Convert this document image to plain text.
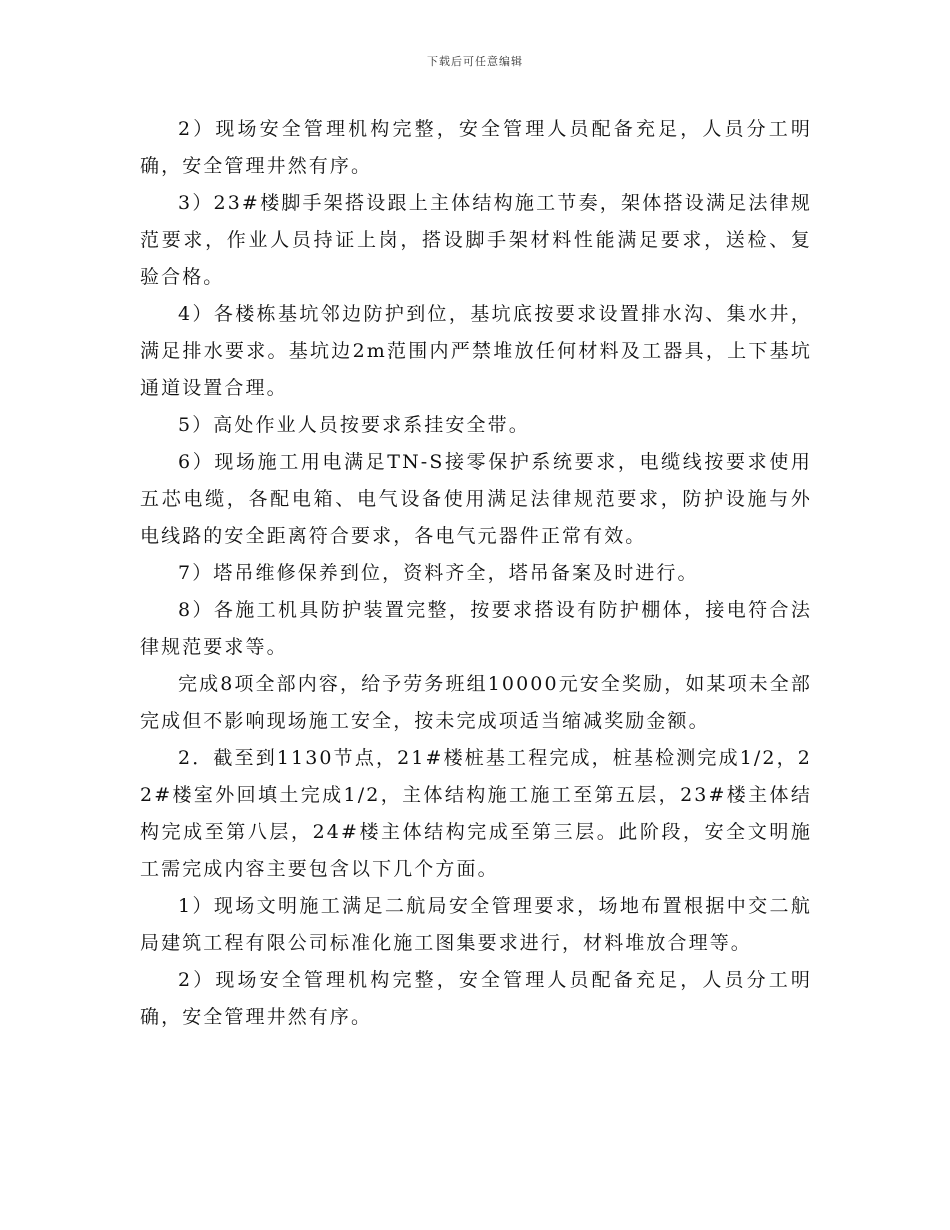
下载后可任意编辑

2）现场安全管理机构完整，安全管理人员配备充足，人员分工明确，安全管理井然有序。

3）23#楼脚手架搭设跟上主体结构施工节奏，架体搭设满足法律规范要求，作业人员持证上岗，搭设脚手架材料性能满足要求，送检、复验合格。

4）各楼栋基坑邻边防护到位，基坑底按要求设置排水沟、集水井，满足排水要求。基坑边2m范围内严禁堆放任何材料及工器具，上下基坑通道设置合理。

5）高处作业人员按要求系挂安全带。

6）现场施工用电满足TN-S接零保护系统要求，电缆线按要求使用五芯电缆，各配电箱、电气设备使用满足法律规范要求，防护设施与外电线路的安全距离符合要求，各电气元器件正常有效。

7）塔吊维修保养到位，资料齐全，塔吊备案及时进行。

8）各施工机具防护装置完整，按要求搭设有防护棚体，接电符合法律规范要求等。

完成8项全部内容，给予劳务班组10000元安全奖励，如某项未全部完成但不影响现场施工安全，按未完成项适当缩减奖励金额。

2．截至到1130节点，21#楼桩基工程完成，桩基检测完成1/2，22#楼室外回填土完成1/2，主体结构施工施工至第五层，23#楼主体结构完成至第八层，24#楼主体结构完成至第三层。此阶段，安全文明施工需完成内容主要包含以下几个方面。

1）现场文明施工满足二航局安全管理要求，场地布置根据中交二航局建筑工程有限公司标准化施工图集要求进行，材料堆放合理等。

2）现场安全管理机构完整，安全管理人员配备充足，人员分工明确，安全管理井然有序。
